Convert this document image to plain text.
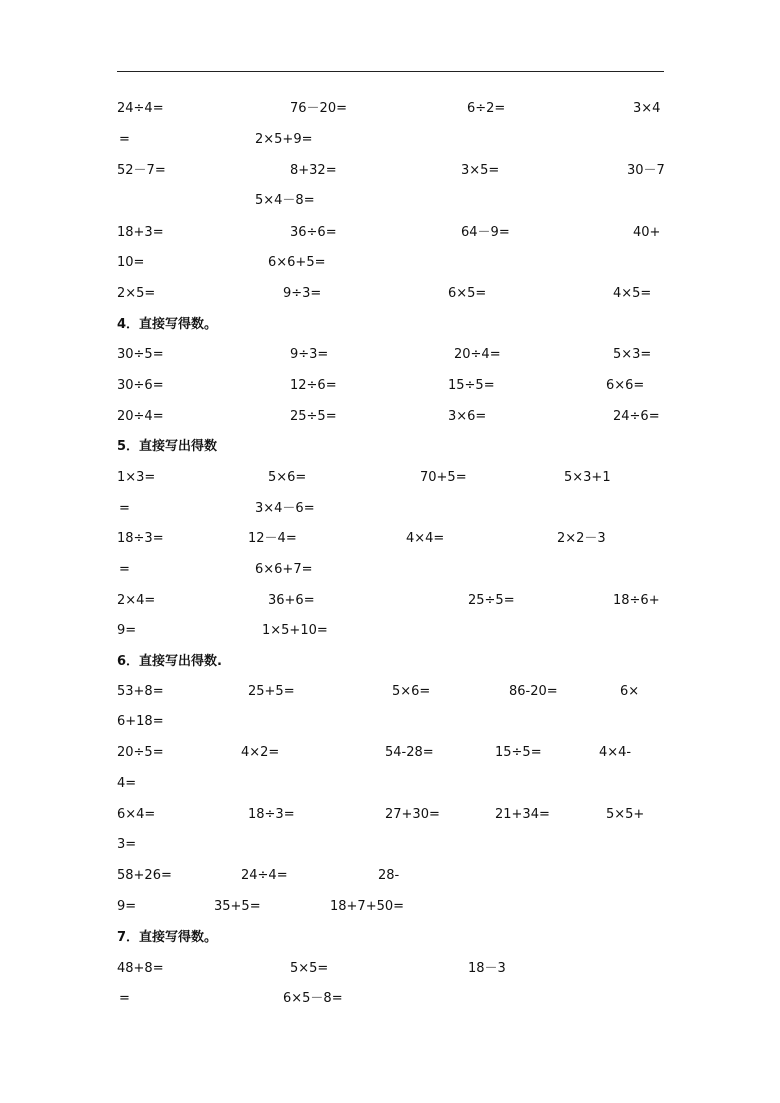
24÷4=	76－20=	6÷2=	3×4
=	2×5+9=
52－7=	8+32=	3×5=	30－7
5×4－8=
18+3=	36÷6=	64－9=	40+
10=	6×6+5=
2×5=	9÷3=	6×5=	4×5=
4．直接写得数。
30÷5=	9÷3=	20÷4=	5×3=
30÷6=	12÷6=	15÷5=	6×6=
20÷4=	25÷5=	3×6=	24÷6=
5．直接写出得数
1×3=	5×6=	70+5=	5×3+1
=	3×4－6=
18÷3=	12－4=	4×4=	2×2－3
=	6×6+7=
2×4=	36+6=	25÷5=	18÷6+
9=	1×5+10=
6．直接写出得数.
53+8=	25+5=	5×6=	86-20=	6×
6+18=
20÷5=	4×2=	54-28=	15÷5=	4×4-
4=
6×4=	18÷3=	27+30=	21+34=	5×5+
3=
58+26=	24÷4=	28-
9=	35+5=	18+7+50=
7．直接写得数。
48+8=	5×5=	18－3
=	6×5－8=
